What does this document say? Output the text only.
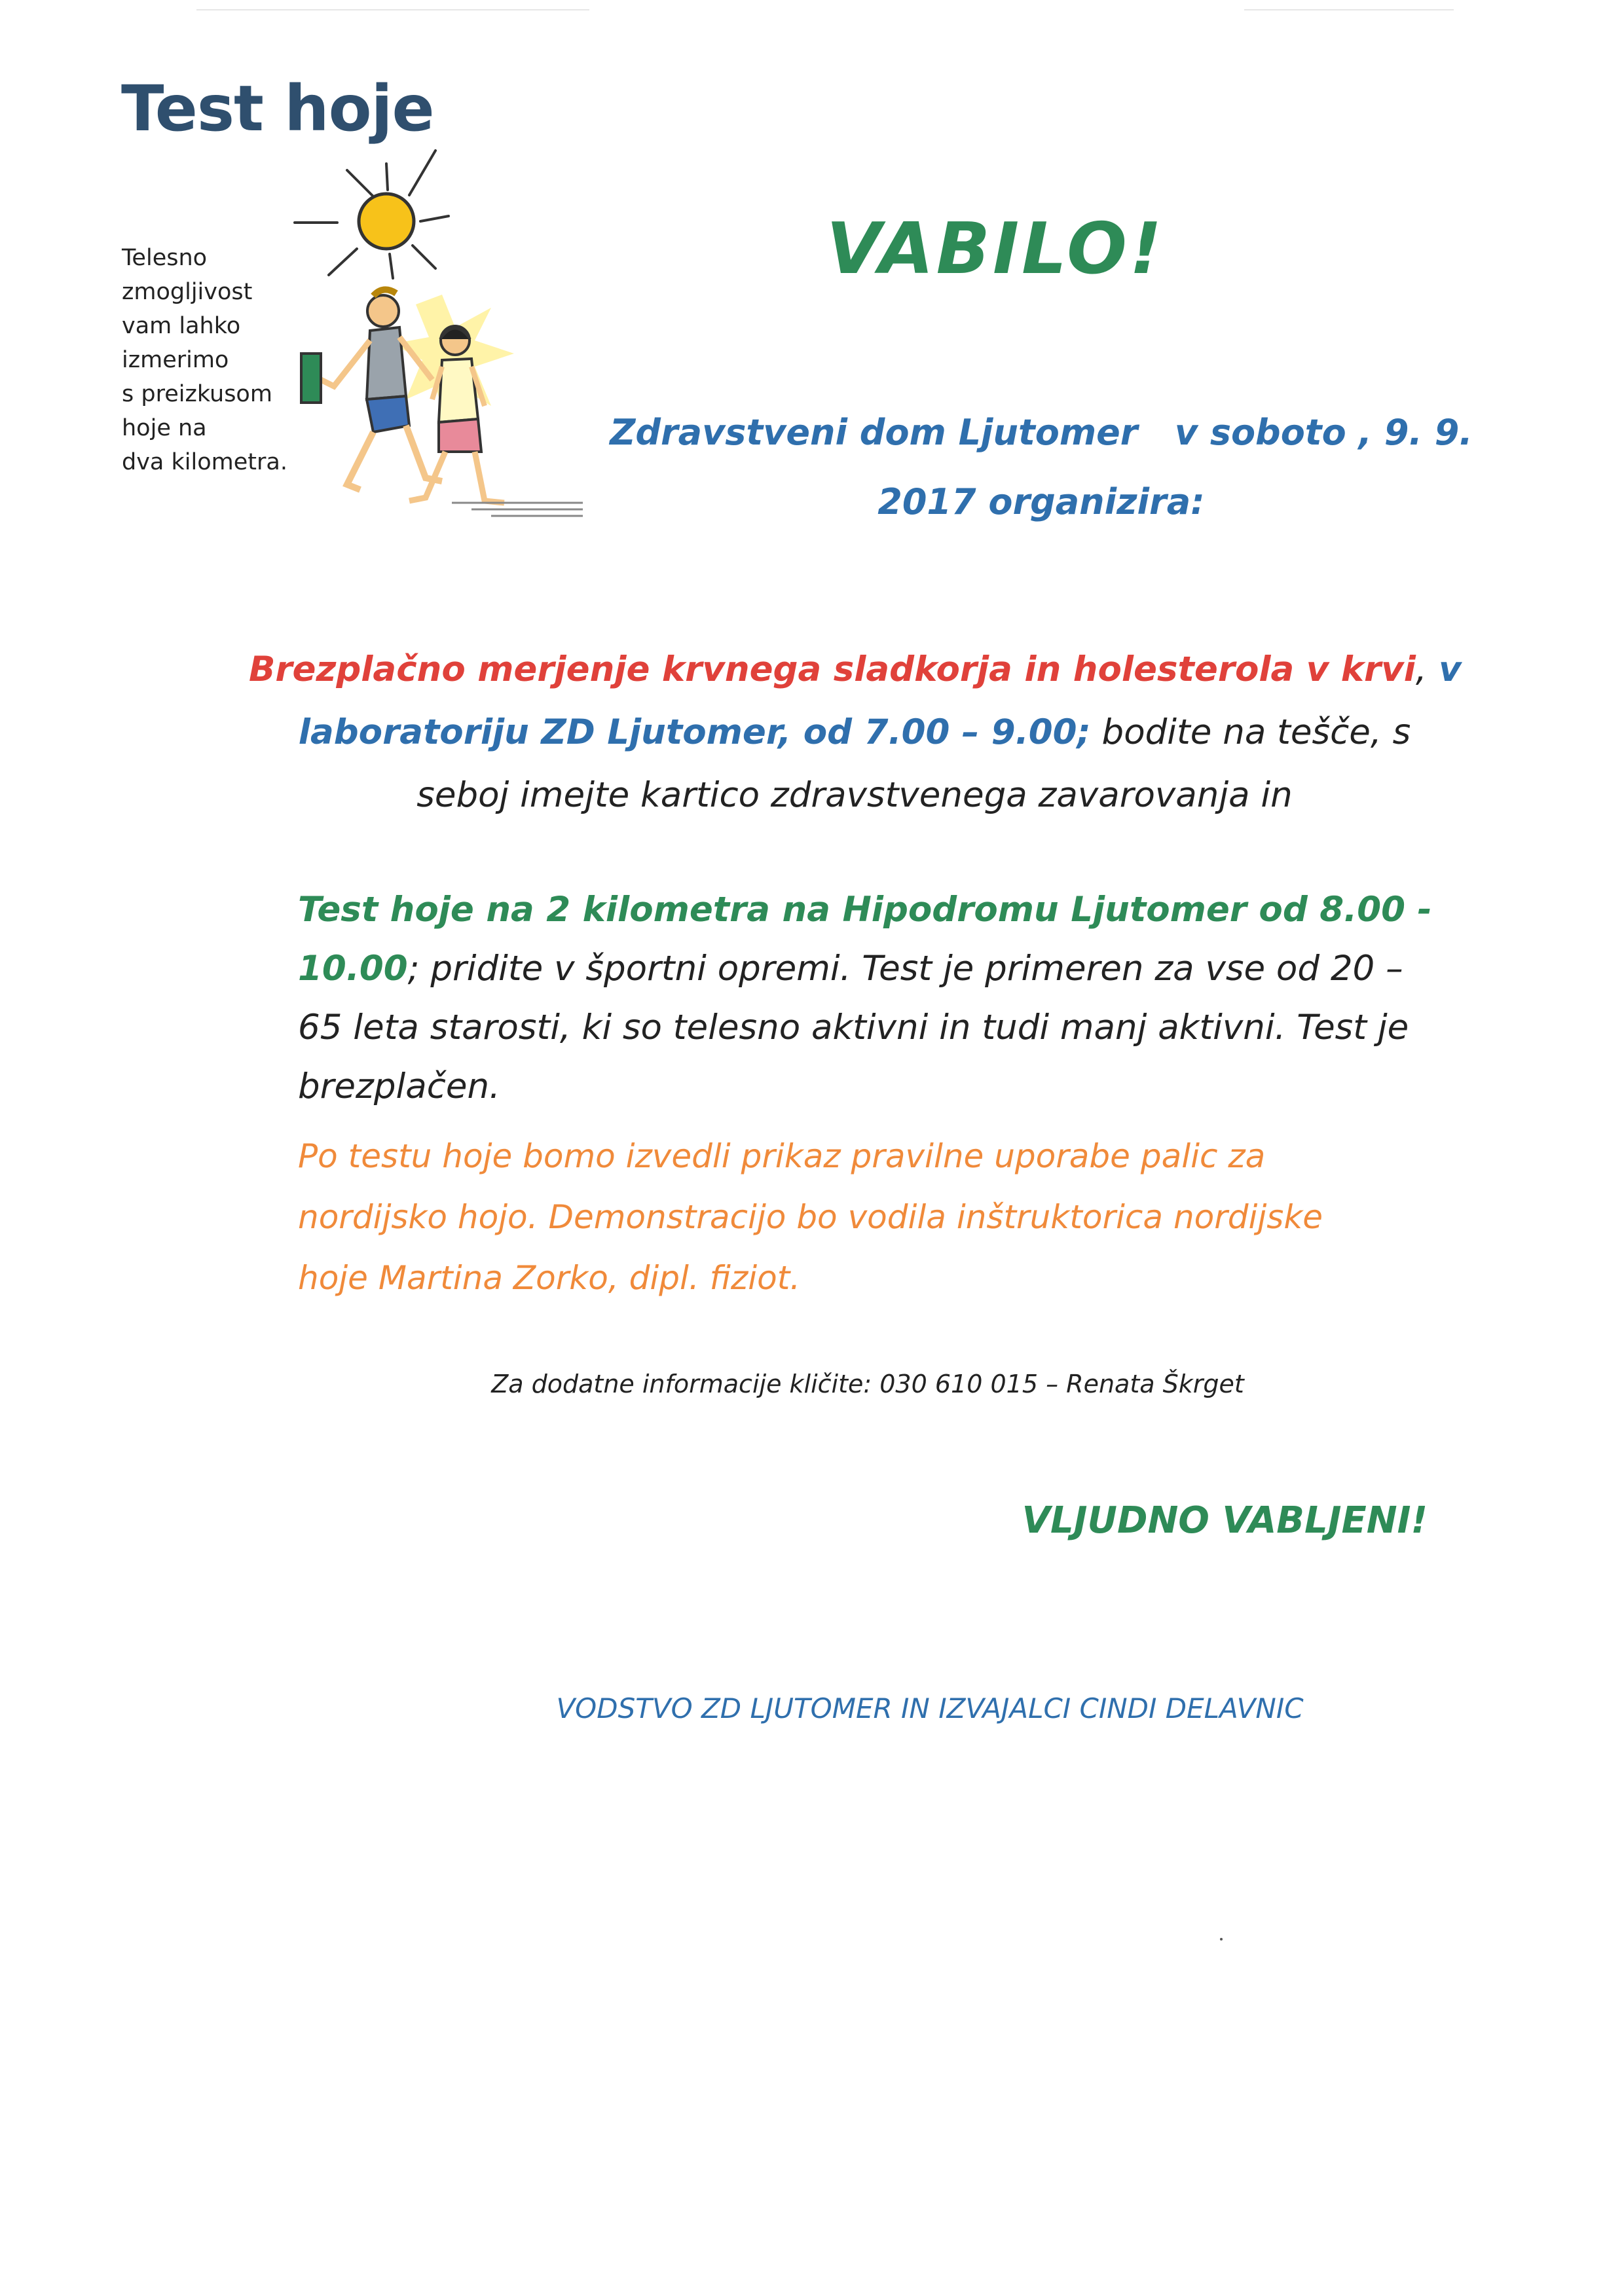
Test hoje
Telesno
zmogljivost
vam lahko
izmerimo
s preizkusom
hoje na
dva kilometra.
VABILO!
Zdravstveni dom Ljutomer   v soboto , 9. 9.
2017 organizira:
Brezplačno merjenje krvnega sladkorja in holesterola v krvi, v
laboratoriju ZD Ljutomer, od 7.00 – 9.00; bodite na tešče, s
seboj imejte kartico zdravstvenega zavarovanja in
Test hoje na 2 kilometra na Hipodromu Ljutomer od 8.00 -
10.00; pridite v športni opremi. Test je primeren za vse od 20 –
65 leta starosti, ki so telesno aktivni in tudi manj aktivni. Test je
brezplačen.
Po testu hoje bomo izvedli prikaz pravilne uporabe palic za
nordijsko hojo. Demonstracijo bo vodila inštruktorica nordijske
hoje Martina Zorko, dipl. fiziot.
Za dodatne informacije kličite: 030 610 015 – Renata Škrget
VLJUDNO VABLJENI!
VODSTVO ZD LJUTOMER IN IZVAJALCI CINDI DELAVNIC
